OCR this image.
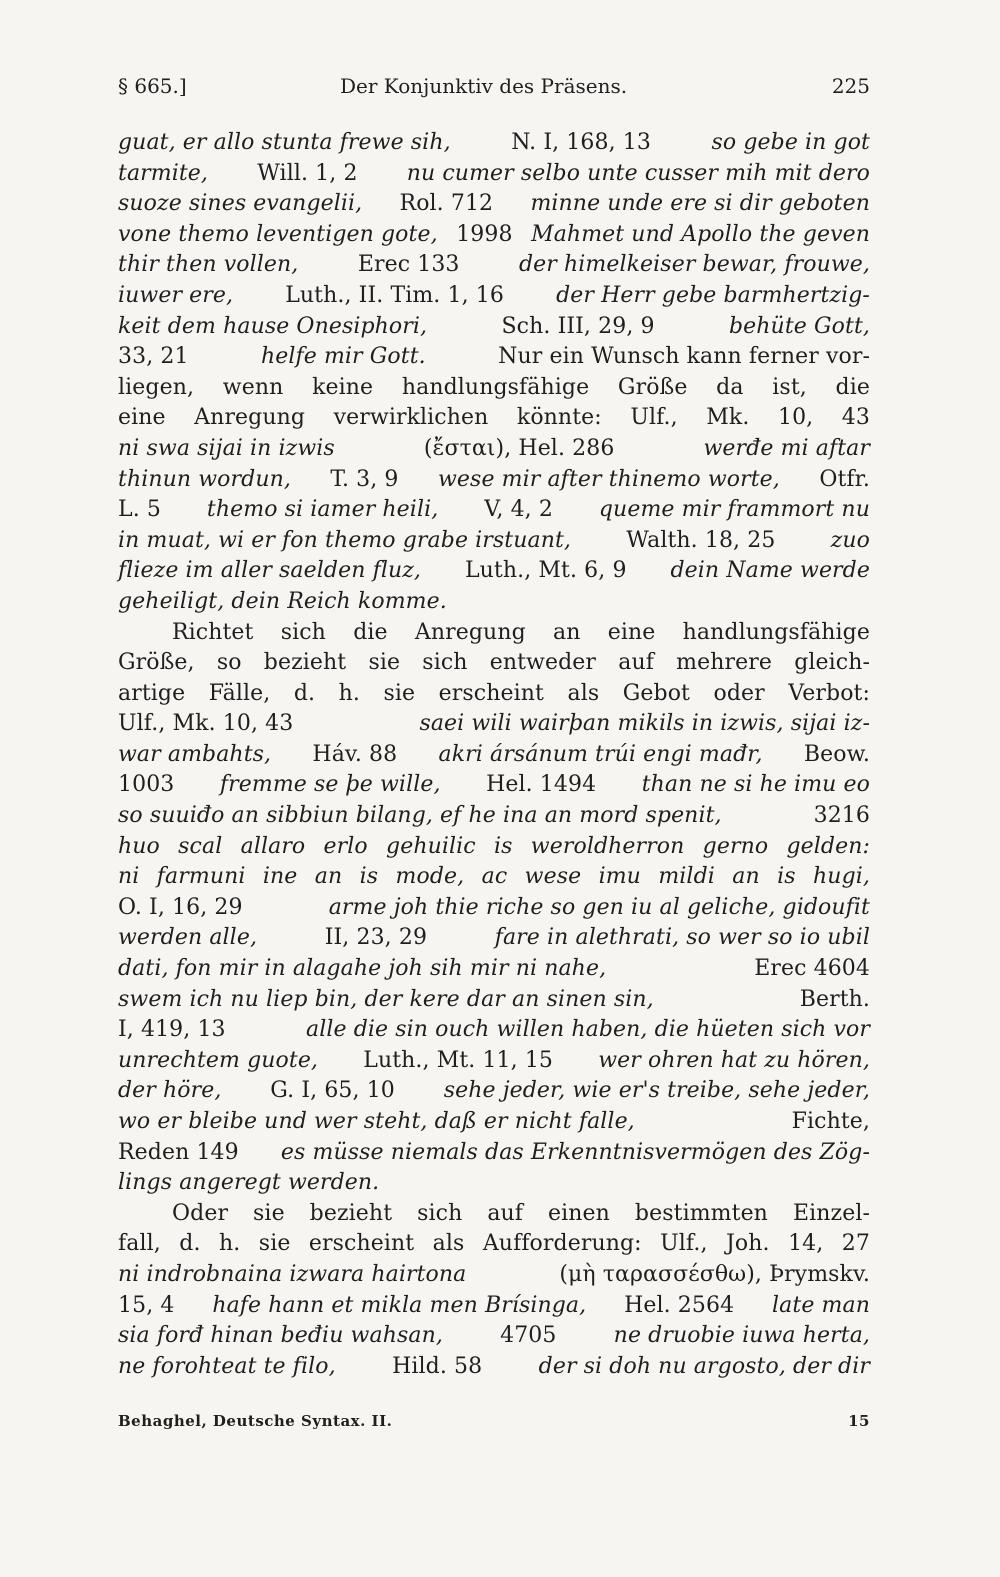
§ 665.]	Der Konjunktiv des Präsens.	225
guat, er allo stunta frewe sih,	N. I, 168, 13	so gebe in got
tarmite, Will. 1, 2 nu cumer selbo unte cusser mih mit dero
suoze sines evangelii, Rol. 712 minne unde ere si dir geboten
vone themo leventigen gote, 1998 Mahmet und Apollo the geven
thir then vollen,	Erec 133	der himelkeiser bewar, frouwe,
iuwer ere, Luth., II. Tim. 1, 16 der Herr gebe barmhertzig-
keit dem hause Onesiphori,	Sch. III, 29, 9	behüte Gott,
33, 21	helfe mir Gott.	Nur ein Wunsch kann ferner vor-
liegen, wenn keine handlungsfähige Größe da ist, die
eine Anregung verwirklichen könnte: Ulf., Mk. 10, 43
ni swa sijai in izwis	(ἔσται), Hel. 286	werđe mi aftar
thinun wordun, T. 3, 9 wese mir after thinemo worte, Otfr.
L. 5 themo si iamer heili, V, 4, 2 queme mir frammort nu
in muat, wi er fon themo grabe irstuant,	Walth. 18, 25	zuo
flieze im aller saelden fluz, Luth., Mt. 6, 9 dein Name werde
geheiligt, dein Reich komme.
Richtet sich die Anregung an eine handlungsfähige
Größe, so bezieht sie sich entweder auf mehrere gleich-
artige Fälle, d. h. sie erscheint als Gebot oder Verbot:
Ulf., Mk. 10, 43	saei wili wairþan mikils in izwis, sijai iz-
war ambahts, Háv. 88 akri ársánum trúi engi mađr, Beow.
1003 fremme se þe wille, Hel. 1494 than ne si he imu eo
so suuiđo an sibbiun bilang, ef he ina an mord spenit,	3216
huo scal allaro erlo gehuilic is weroldherron gerno gelden:
ni farmuni ine an is mode, ac wese imu mildi an is hugi,
O. I, 16, 29	arme joh thie riche so gen iu al geliche, gidoufit
werden alle,	II, 23, 29	fare in alethrati, so wer so io ubil
dati, fon mir in alagahe joh sih mir ni nahe,	Erec 4604
swem ich nu liep bin, der kere dar an sinen sin,	Berth.
I, 419, 13	alle die sin ouch willen haben, die hüeten sich vor
unrechtem guote, Luth., Mt. 11, 15 wer ohren hat zu hören,
der höre, G. I, 65, 10 sehe jeder, wie er's treibe, sehe jeder,
wo er bleibe und wer steht, daß er nicht falle,	Fichte,
Reden 149 es müsse niemals das Erkenntnisvermögen des Zög-
lings angeregt werden.
Oder sie bezieht sich auf einen bestimmten Einzel-
fall, d. h. sie erscheint als Aufforderung: Ulf., Joh. 14, 27
ni indrobnaina izwara hairtona	(μὴ ταρασσέσθω), Þrymskv.
15, 4 hafe hann et mikla men Brísinga, Hel. 2564 late man
sia forđ hinan beđiu wahsan,	4705	ne druobie iuwa herta,
ne forohteat te filo,	Hild. 58	der si doh nu argosto, der dir
Behaghel, Deutsche Syntax. II.	15
